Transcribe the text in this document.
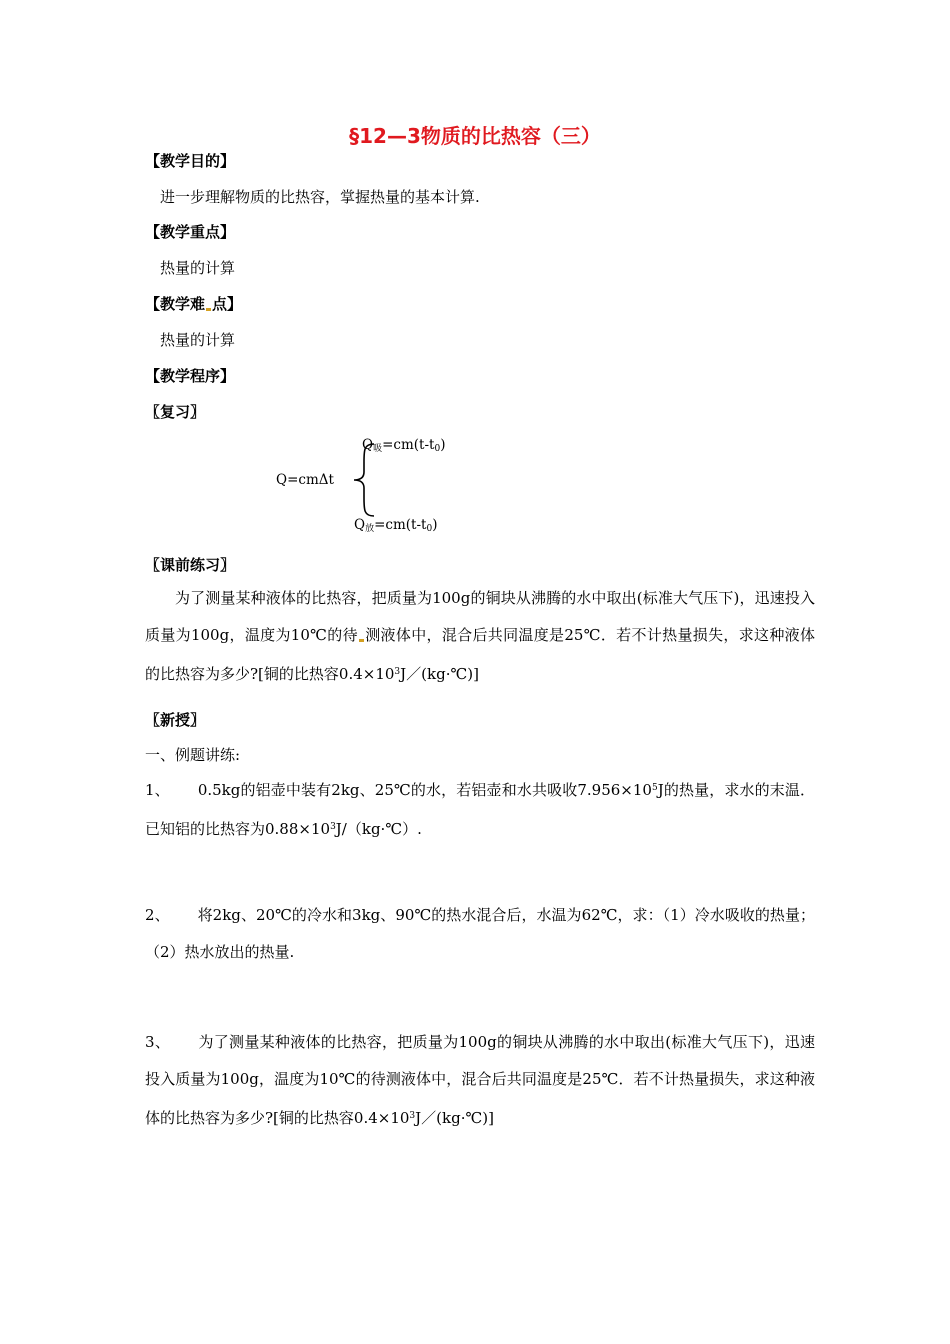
§12—3物质的比热容（三）
【教学目的】
进一步理解物质的比热容，掌握热量的基本计算.
【教学重点】
热量的计算
【教学难 点】
热量的计算
【教学程序】
〖复习〗
$Q_吸=cm(t-t_0)$
Q=cmΔt
$Q_放=cm(t-t_0)$
〖课前练习〗
为了测量某种液体的比热容，把质量为100g的铜块从沸腾的水中取出(标准大气压下)，迅速投入质量为100g，温度为10℃的待 测液体中，混合后共同温度是25℃．若不计热量损失，求这种液体的比热容为多少?[铜的比热容$0.4\times 10^3J/(kg\cdot℃)$]
〖新授〗
一、例题讲练:
1、 0.5kg的铝壶中装有2kg、25℃的水，若铝壶和水共吸收$7.956\times 10^5J$的热量，求水的末温．已知铝的比热容为$0.88\times 10^3J/(kg\cdot℃)$.
2、 将2kg、20℃的冷水和3kg、90℃的热水混合后，水温为62℃，求：（1）冷水吸收的热量；（2）热水放出的热量.
3、 为了测量某种液体的比热容，把质量为100g的铜块从沸腾的水中取出(标准大气压下)，迅速投入质量为100g，温度为10℃的待测液体中，混合后共同温度是25℃．若不计热量损失，求这种液体的比热容为多少?[铜的比热容$0.4\times 10^3J/(kg\cdot℃)$]
